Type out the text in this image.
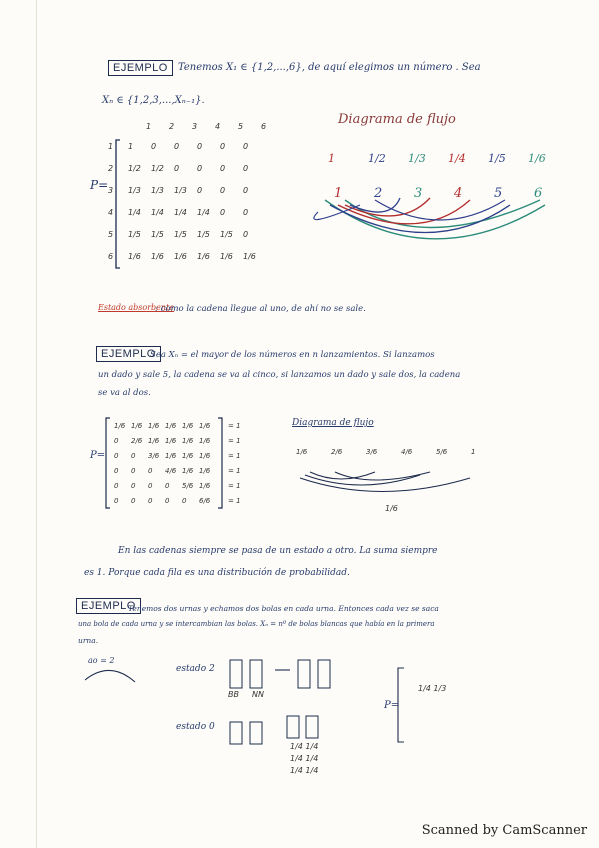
EJEMPLO	Tenemos X₁ ∈ {1,2,...,6}, de aquí elegimos un número . Sea
Xₙ ∈ {1,2,3,...,Xₙ₋₁}.
P=
1 2 3 4 5 6
1
2
3
4
5
6
1 0 0 0 0 0
1/2 1/2 0 0 0 0
1/3 1/3 1/3 0 0 0
1/4 1/4 1/4 1/4 0 0
1/5 1/5 1/5 1/5 1/5 0
1/6 1/6 1/6 1/6 1/6 1/6
Diagrama de flujo
1
1
2
1/2
3
1/3
4
1/4
5
1/5
6
1/6
Estado absorbente
: como la cadena llegue al uno, de ahí no se sale.
EJEMPLO
Sea Xₙ = el mayor de los números en n lanzamientos. Si lanzamos
un dado y sale 5, la cadena se va al cinco, si lanzamos un dado y sale dos, la cadena
se va al dos.
P=
1/6 1/6 1/6 1/6 1/6 1/6	= 1
0 2/6 1/6 1/6 1/6 1/6	= 1
0 0 3/6 1/6 1/6 1/6	= 1
0 0 0 4/6 1/6 1/6	= 1
0 0 0 0 5/6 1/6	= 1
0 0 0 0 0 6/6	= 1
Diagrama de flujo
1/6	2/6	3/6	4/6	5/6	1
1/6
En las cadenas siempre se pasa de un estado a otro. La suma siempre
es 1. Porque cada fila es una distribución de probabilidad.
EJEMPLO
Tenemos dos urnas y echamos dos bolas en cada urna. Entonces cada vez se saca
una bola de cada urna y se intercambian las bolas. Xₙ = nº de bolas blancas que había en la primera
urna.
ao = 2
estado 2
estado 0
BB NN
1/4 1/4
1/4 1/4
1/4 1/4
P=
1/4 1/3
Scanned by CamScanner
